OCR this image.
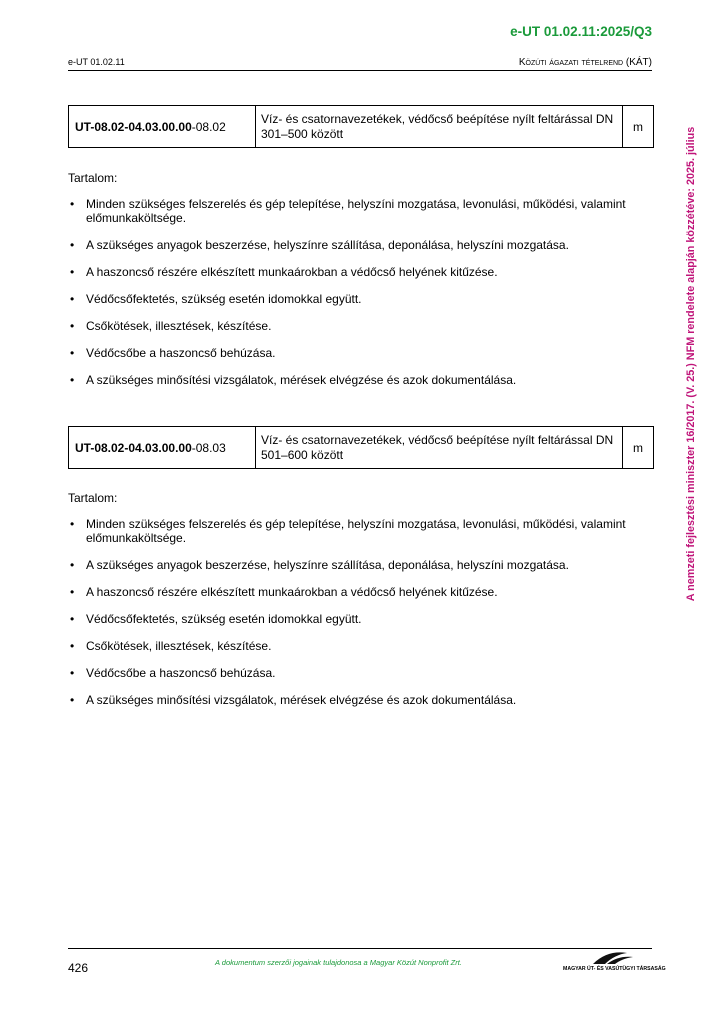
e-UT 01.02.11:2025/Q3
e-UT 01.02.11	Közúti ágazati tételrend (KÁT)
A nemzeti fejlesztési miniszter 16/2017. (V. 25.) NFM rendelete alapján közzétéve: 2025. július
UT-08.02-04.03.00.00-08.02	Víz- és csatornavezetékek, védőcső beépítése nyílt feltárással DN 301–500 között	m
Tartalom:
• Minden szükséges felszerelés és gép telepítése, helyszíni mozgatása, levonulási, működési, valamint előmunkaköltsége.
• A szükséges anyagok beszerzése, helyszínre szállítása, deponálása, helyszíni mozgatása.
• A haszoncső részére elkészített munkaárokban a védőcső helyének kitűzése.
• Védőcsőfektetés, szükség esetén idomokkal együtt.
• Csőkötések, illesztések, készítése.
• Védőcsőbe a haszoncső behúzása.
• A szükséges minősítési vizsgálatok, mérések elvégzése és azok dokumentálása.
UT-08.02-04.03.00.00-08.03	Víz- és csatornavezetékek, védőcső beépítése nyílt feltárással DN 501–600 között	m
Tartalom:
• Minden szükséges felszerelés és gép telepítése, helyszíni mozgatása, levonulási, működési, valamint előmunkaköltsége.
• A szükséges anyagok beszerzése, helyszínre szállítása, deponálása, helyszíni mozgatása.
• A haszoncső részére elkészített munkaárokban a védőcső helyének kitűzése.
• Védőcsőfektetés, szükség esetén idomokkal együtt.
• Csőkötések, illesztések, készítése.
• Védőcsőbe a haszoncső behúzása.
• A szükséges minősítési vizsgálatok, mérések elvégzése és azok dokumentálása.
426	A dokumentum szerzői jogainak tulajdonosa a Magyar Közút Nonprofit Zrt.
MAGYAR ÚT- ÉS VASÚTÜGYI TÁRSASÁG
